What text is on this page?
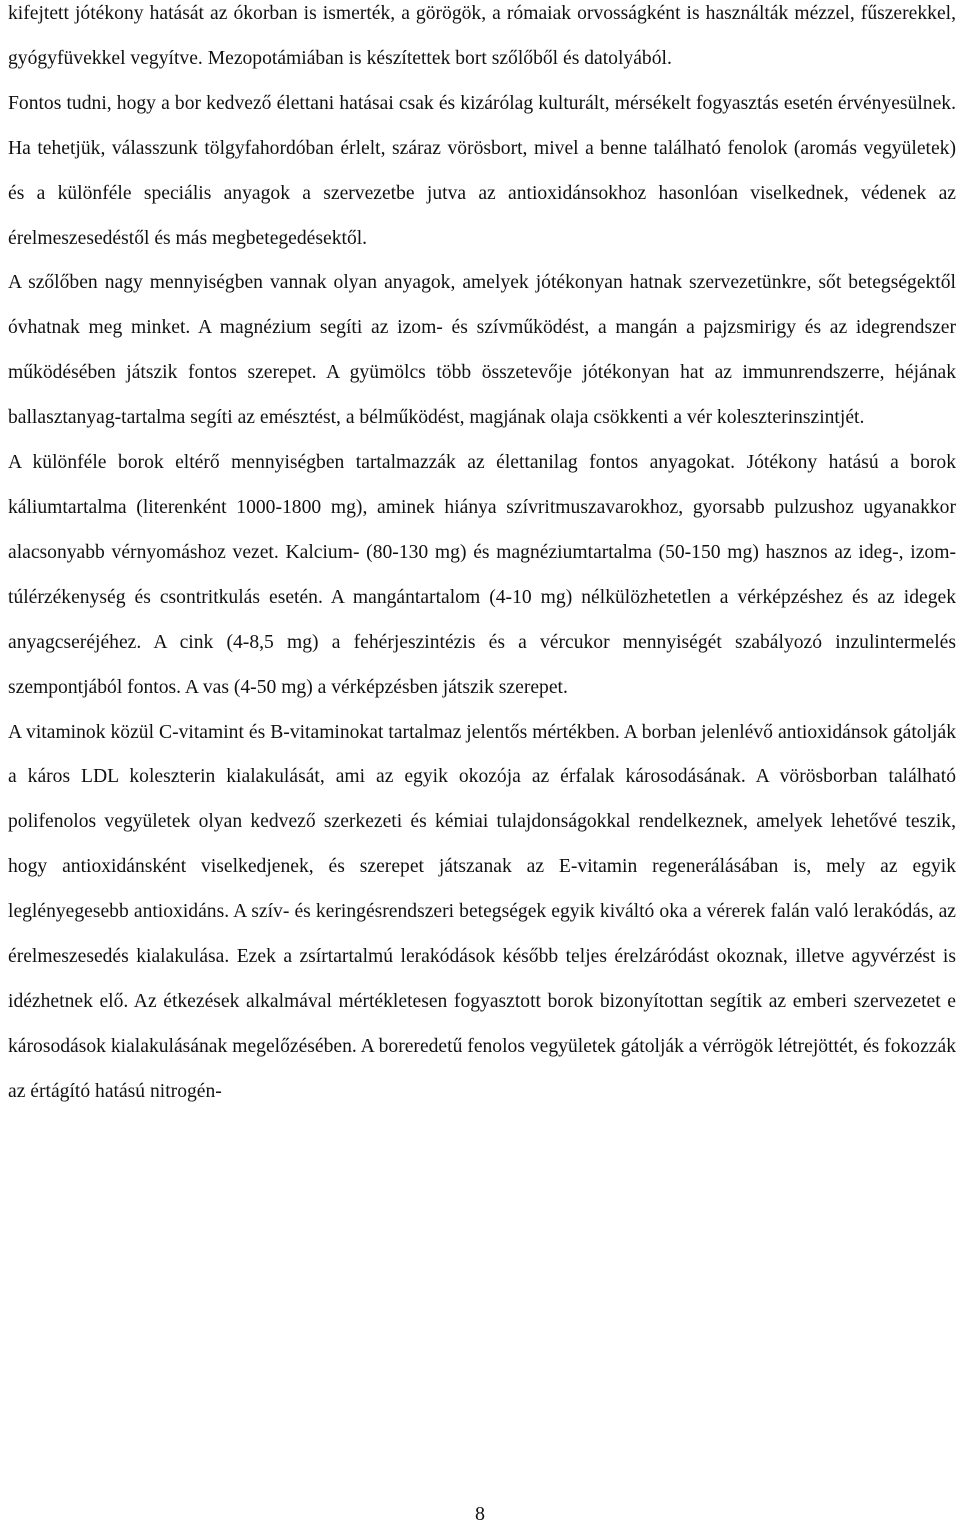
kifejtett jótékony hatását az ókorban is ismerték, a görögök, a rómaiak orvosságként is használták mézzel, fűszerekkel, gyógyfüvekkel vegyítve. Mezopotámiában is készítettek bort szőlőből és datolyából.

Fontos tudni, hogy a bor kedvező élettani hatásai csak és kizárólag kulturált, mérsékelt fogyasztás esetén érvényesülnek. Ha tehetjük, válasszunk tölgyfahordóban érlelt, száraz vörösbort, mivel a benne található fenolok (aromás vegyületek) és a különféle speciális anyagok a szervezetbe jutva az antioxidánsokhoz hasonlóan viselkednek, védenek az érelmeszesedéstől és más megbetegedésektől.

A szőlőben nagy mennyiségben vannak olyan anyagok, amelyek jótékonyan hatnak szervezetünkre, sőt betegségektől óvhatnak meg minket. A magnézium segíti az izom- és szívműködést, a mangán a pajzsmirigy és az idegrendszer működésében játszik fontos szerepet. A gyümölcs több összetevője jótékonyan hat az immunrendszerre, héjának ballasztanyag-tartalma segíti az emésztést, a bélműködést, magjának olaja csökkenti a vér koleszterinszintjét.

A különféle borok eltérő mennyiségben tartalmazzák az élettanilag fontos anyagokat. Jótékony hatású a borok káliumtartalma (literenként 1000-1800 mg), aminek hiánya szívritmuszavarokhoz, gyorsabb pulzushoz ugyanakkor alacsonyabb vérnyomáshoz vezet. Kalcium- (80-130 mg) és magnéziumtartalma (50-150 mg) hasznos az ideg-, izom-túlérzékenység és csontritkulás esetén. A mangántartalom (4-10 mg) nélkülözhetetlen a vérképzéshez és az idegek anyagcseréjéhez. A cink (4-8,5 mg) a fehérjeszintézis és a vércukor mennyiségét szabályozó inzulintermelés szempontjából fontos. A vas (4-50 mg) a vérképzésben játszik szerepet.

A vitaminok közül C-vitamint és B-vitaminokat tartalmaz jelentős mértékben. A borban jelenlévő antioxidánsok gátolják a káros LDL koleszterin kialakulását, ami az egyik okozója az érfalak károsodásának. A vörösborban található polifenolos vegyületek olyan kedvező szerkezeti és kémiai tulajdonságokkal rendelkeznek, amelyek lehetővé teszik, hogy antioxidánsként viselkedjenek, és szerepet játszanak az E-vitamin regenerálásában is, mely az egyik leglényegesebb antioxidáns. A szív- és keringésrendszeri betegségek egyik kiváltó oka a vérerek falán való lerakódás, az érelmeszesedés kialakulása. Ezek a zsírtartalmú lerakódások később teljes érelzáródást okoznak, illetve agyvérzést is idézhetnek elő. Az étkezések alkalmával mértékletesen fogyasztott borok bizonyítottan segítik az emberi szervezetet e károsodások kialakulásának megelőzésében. A boreredetű fenolos vegyületek gátolják a vérrögök létrejöttét, és fokozzák az értágító hatású nitrogén-

8
